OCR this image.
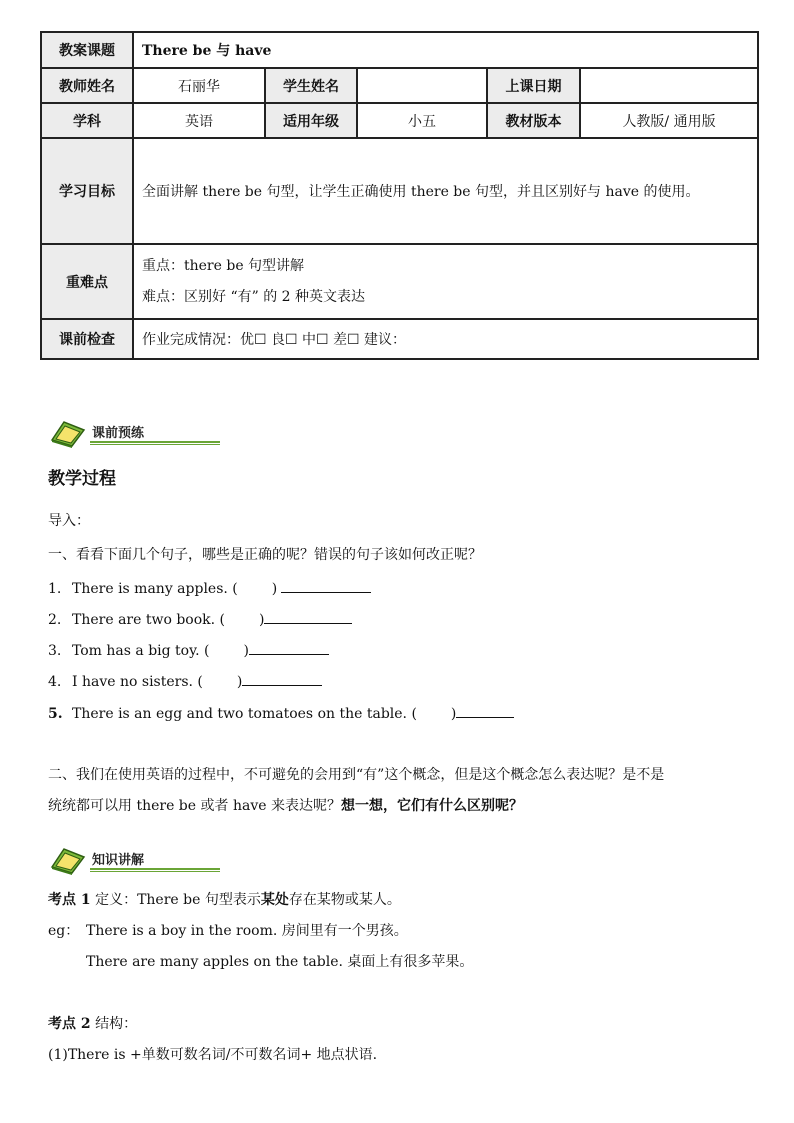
教案课题	There be 与 have				
教师姓名	石丽华	学生姓名		上课日期	
学科	英语	适用年级	小五	教材版本	人教版/ 通用版
学习目标	全面讲解 there be 句型，让学生正确使用 there be 句型，并且区别好与 have 的使用。				
重难点	重点：there be 句型讲解
难点：区别好 “有” 的 2 种英文表达				

课前检查	作业完成情况：优☐ 良☐ 中☐ 差☐ 建议：				
课前预练
教学过程
导入：
一、看看下面几个句子，哪些是正确的呢？错误的句子该如何改正呢？
1. There is many apples. ( )
2. There are two book. ( )
3. Tom has a big toy. ( )
4. I have no sisters. ( )
5. There is an egg and two tomatoes on the table. ( )
二、我们在使用英语的过程中，不可避免的会用到“有”这个概念，但是这个概念怎么表达呢？是不是
统统都可以用 there be 或者 have 来表达呢？想一想，它们有什么区别呢？
知识讲解
考点 1 定义：There be 句型表示某处存在某物或某人。
eg： There is a boy in the room. 房间里有一个男孩。
There are many apples on the table. 桌面上有很多苹果。
考点 2 结构：
(1)There is +单数可数名词/不可数名词+ 地点状语.
